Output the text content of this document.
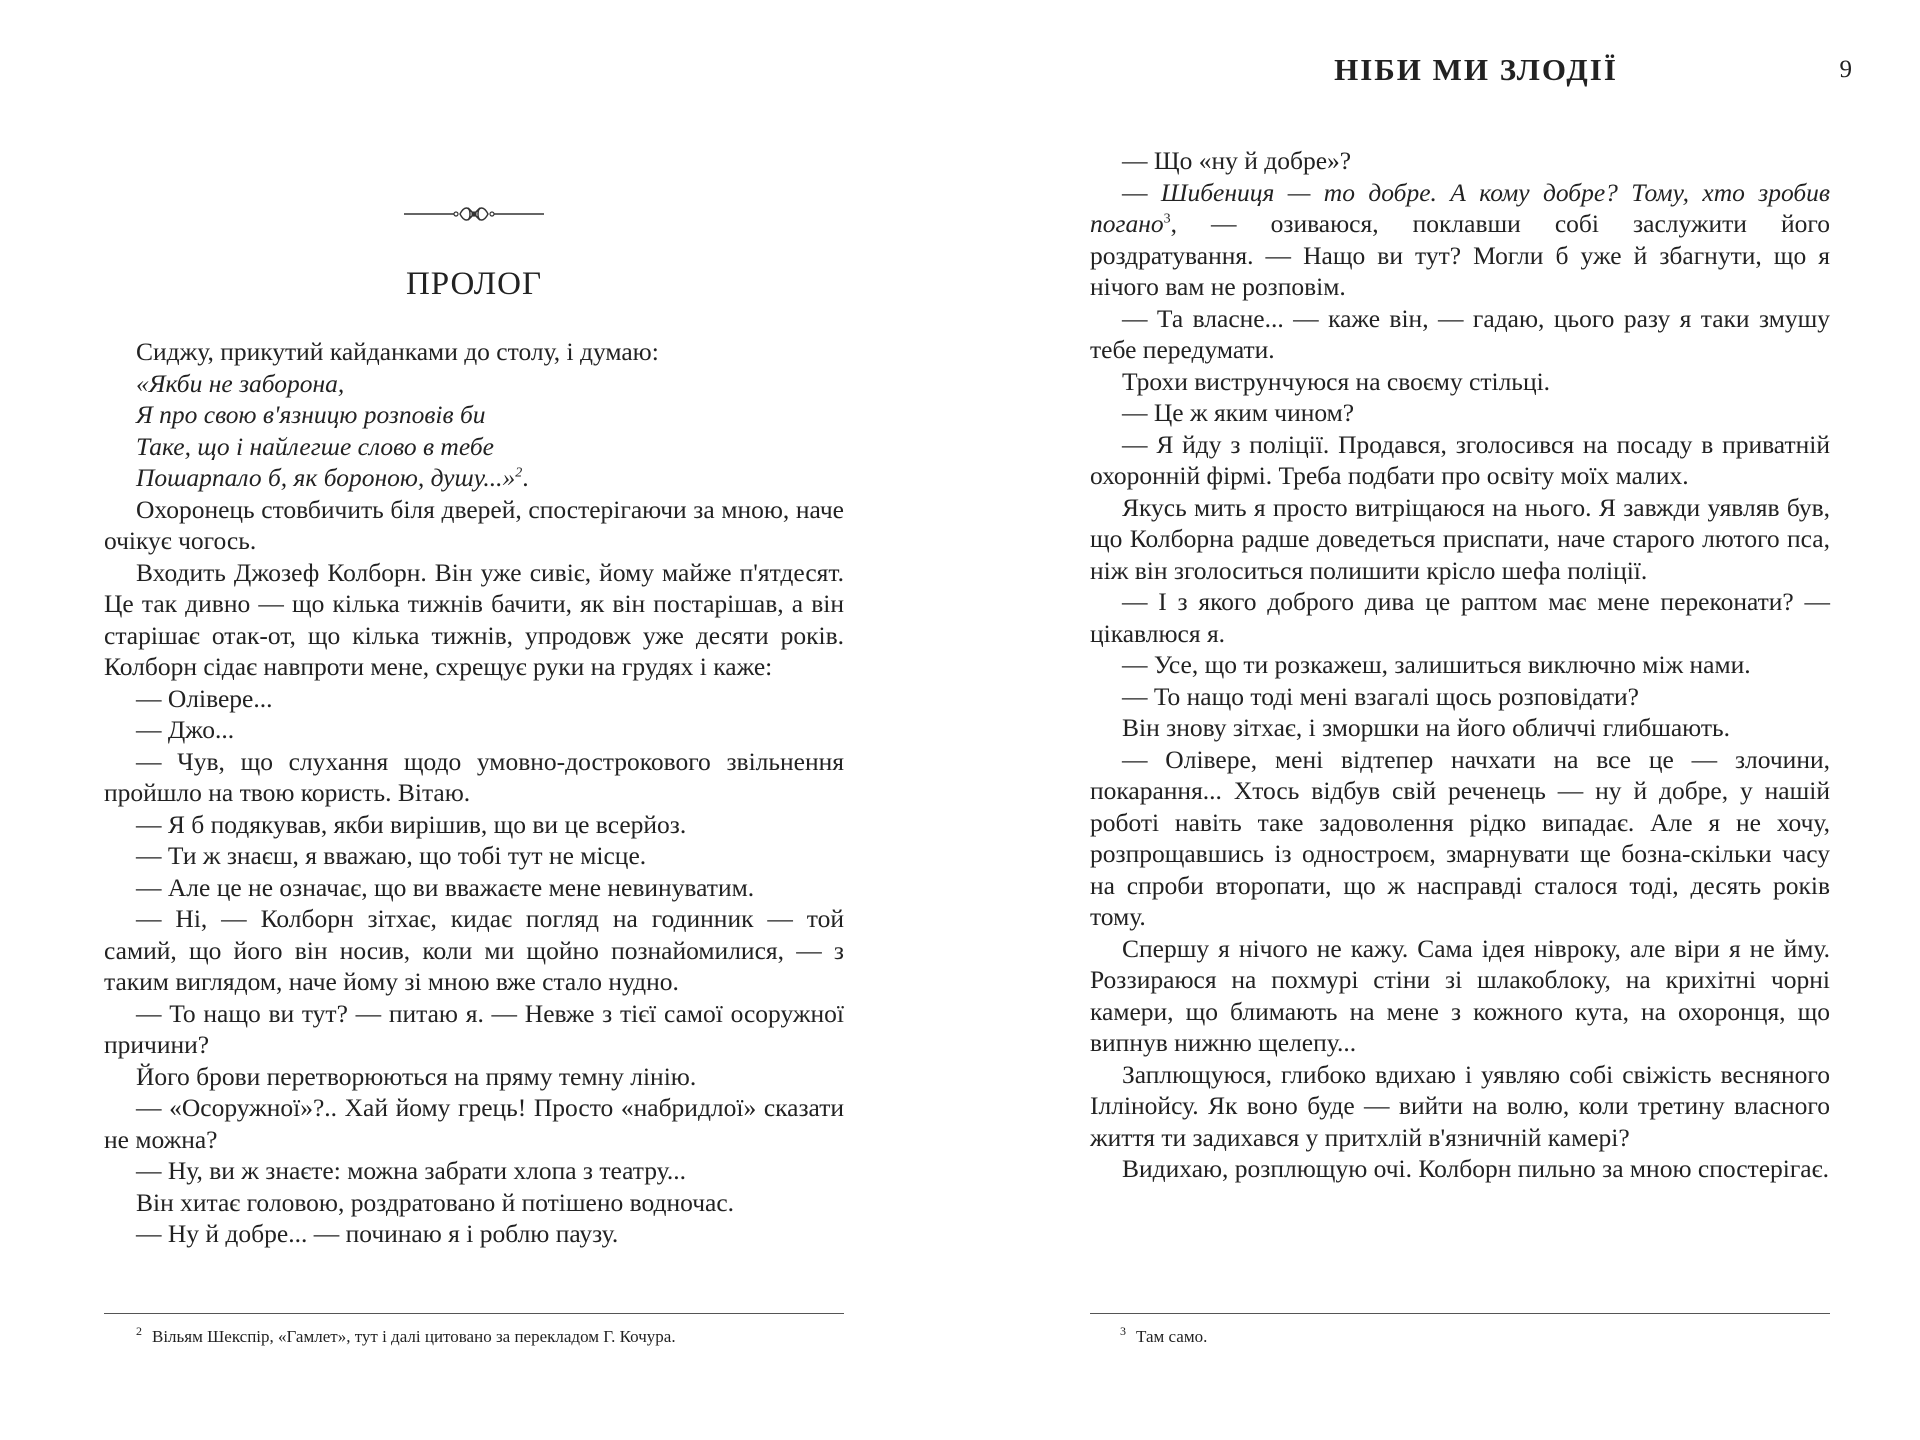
ПРОЛОГ

Сиджу, прикутий кайданками до столу, і думаю:

«Якби не заборона,
Я про свою в'язницю розповів би
Таке, що і найлегше слово в тебе
Пошарпало б, як бороною, душу...»$^2$.

Охоронець стовбичить біля дверей, спостерігаючи за мною, наче очікує чогось.

Входить Джозеф Колборн. Він уже сивіє, йому майже п'ятдесят. Це так дивно — що кілька тижнів бачити, як він постарішав, а він старішає отак-от, що кілька тижнів, упродовж уже десяти років. Колборн сідає навпроти мене, схрещує руки на грудях і каже:

— Олівере...

— Джо...

— Чув, що слухання щодо умовно-дострокового звільнення пройшло на твою користь. Вітаю.

— Я б подякував, якби вирішив, що ви це всерйоз.

— Ти ж знаєш, я вважаю, що тобі тут не місце.

— Але це не означає, що ви вважаєте мене невинуватим.

— Ні, — Колборн зітхає, кидає погляд на годинник — той самий, що його він носив, коли ми щойно познайомилися, — з таким виглядом, наче йому зі мною вже стало нудно.

— То нащо ви тут? — питаю я. — Невже з тієї самої осоружної причини?

Його брови перетворюються на пряму темну лінію.

— «Осоружної»?.. Хай йому грець! Просто «набридлої» сказати не можна?

— Ну, ви ж знаєте: можна забрати хлопа з театру...

Він хитає головою, роздратовано й потішено водночас.

— Ну й добре... — починаю я і роблю паузу.

$^2$ Вільям Шекспір, «Гамлет», тут і далі цитовано за перекладом Г. Кочура.
НІБИ МИ ЗЛОДІЇ	9

— Що «ну й добре»?

— Шибениця — то добре. А кому добре? Тому, хто зробив погано$^3$, — озиваюся, поклавши собі заслужити його роздратування. — Нащо ви тут? Могли б уже й збагнути, що я нічого вам не розповім.

— Та власне... — каже він, — гадаю, цього разу я таки змушу тебе передумати.

Трохи виструнчуюся на своєму стільці.

— Це ж яким чином?

— Я йду з поліції. Продався, зголосився на посаду в приватній охоронній фірмі. Треба подбати про освіту моїх малих.

Якусь мить я просто витріщаюся на нього. Я завжди уявляв був, що Колборна радше доведеться приспати, наче старого лютого пса, ніж він зголоситься полишити крісло шефа поліції.

— І з якого доброго дива це раптом має мене переконати? — цікавлюся я.

— Усе, що ти розкажеш, залишиться виключно між нами.

— То нащо тоді мені взагалі щось розповідати?

Він знову зітхає, і зморшки на його обличчі глибшають.

— Олівере, мені відтепер начхати на все це — злочини, покарання... Хтось відбув свій реченець — ну й добре, у нашій роботі навіть таке задоволення рідко випадає. Але я не хочу, розпрощавшись із одностроєм, змарнувати ще бозна-скільки часу на спроби второпати, що ж насправді сталося тоді, десять років тому.

Спершу я нічого не кажу. Сама ідея нівроку, але віри я не йму. Роззираюся на похмурі стіни зі шлакоблоку, на крихітні чорні камери, що блимають на мене з кожного кута, на охоронця, що випнув нижню щелепу...

Заплющуюся, глибоко вдихаю і уявляю собі свіжість весняного Іллінойсу. Як воно буде — вийти на волю, коли третину власного життя ти задихався у притхлій в'язничній камері?

Видихаю, розплющую очі. Колборн пильно за мною спостерігає.

$^3$ Там само.
